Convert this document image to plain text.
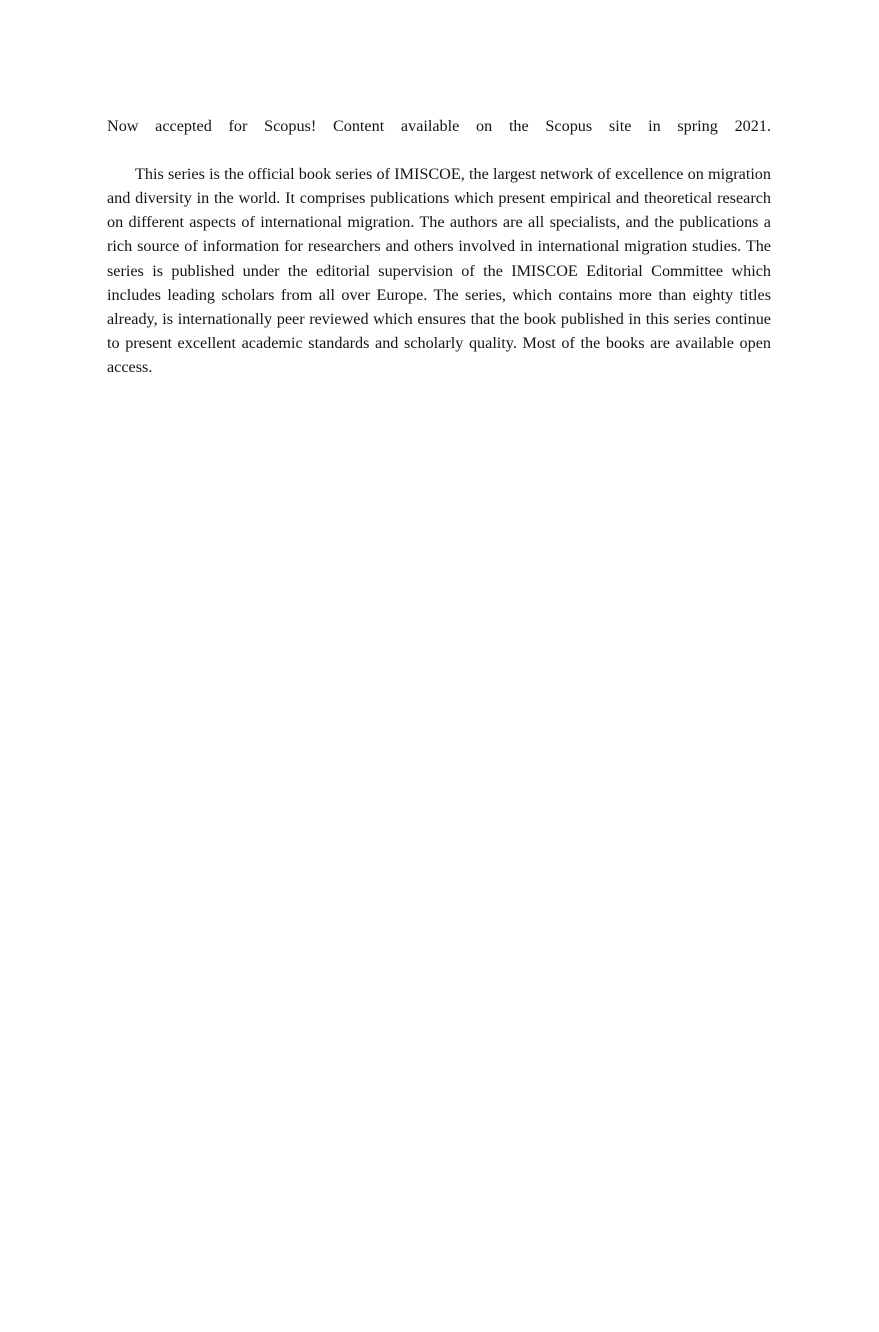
Now accepted for Scopus! Content available on the Scopus site in spring 2021.

This series is the official book series of IMISCOE, the largest network of excellence on migration and diversity in the world. It comprises publications which present empirical and theoretical research on different aspects of international migration. The authors are all specialists, and the publications a rich source of information for researchers and others involved in international migration studies. The series is published under the editorial supervision of the IMISCOE Editorial Committee which includes leading scholars from all over Europe. The series, which contains more than eighty titles already, is internationally peer reviewed which ensures that the book published in this series continue to present excellent academic standards and scholarly quality. Most of the books are available open access.
